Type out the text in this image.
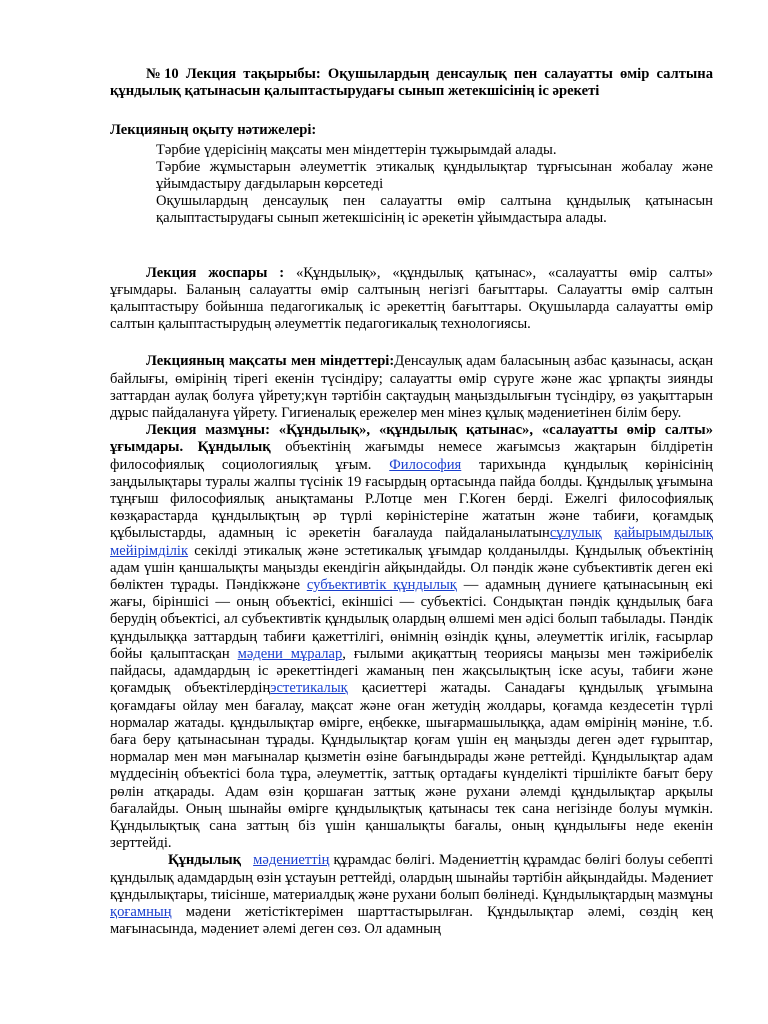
№10 Лекция тақырыбы: Оқушылардың денсаулық пен салауатты өмір салтына құндылық қатынасын қалыптастырудағы сынып жетекшісінің іс әрекеті

Лекцияның оқыту нәтижелері:
Тәрбие үдерісінің мақсаты мен міндеттерін тұжырымдай алады.
Тәрбие жұмыстарын әлеуметтік этикалық құндылықтар тұрғысынан жобалау және ұйымдастыру дағдыларын көрсетеді
Оқушылардың денсаулық пен салауатты өмір салтына құндылық қатынасын қалыптастырудағы сынып жетекшісінің іс әрекетін ұйымдастыра алады.

Лекция жоспары : «Құндылық», «құндылық қатынас», «салауатты өмір салты» ұғымдары. Баланың салауатты өмір салтының негізгі бағыттары. Салауатты өмір салтын қалыптастыру бойынша педагогикалық іс әрекеттің бағыттары. Оқушыларда салауатты өмір салтын қалыптастырудың әлеуметтік педагогикалық технологиясы.

Лекцияның мақсаты мен міндеттері:Денсаулық адам баласының азбас қазынасы, асқан байлығы, өмірінің тірегі екенін түсіндіру; салауатты өмір сүруге және жас ұрпақты зиянды заттардан аулақ болуға үйрету;күн тәртібін сақтаудың маңыздылығын түсіндіру, өз уақыттарын дұрыс пайдалануға үйрету. Гигиеналық ережелер мен мінез құлық мәдениетінен білім беру.

Лекция мазмұны: «Құндылық», «құндылық қатынас», «салауатты өмір салты» ұғымдары. Құндылық объектінің жағымды немесе жағымсыз жақтарын білдіретін философиялық социологиялық ұғым. Философия тарихында құндылық көрінісінің заңдылықтары туралы жалпы түсінік 19 ғасырдың ортасында пайда болды. Құндылық ұғымына тұңғыш философиялық анықтаманы Р.Лотце мен Г.Коген берді. Ежелгі философиялық көзқарастарда құндылықтың әр түрлі көріністеріне жататын және табиғи, қоғамдық құбылыстарды, адамның іс әрекетін бағалауда пайдаланылатынсұлулық қайырымдылық мейірімділік секілді этикалық және эстетикалық ұғымдар қолданылды. Құндылық объектінің адам үшін қаншалықты маңызды екендігін айқындайды. Ол пәндік және субъективтік деген екі бөліктен тұрады. Пәндікжәне субъективтік құндылық — адамның дүниеге қатынасының екі жағы, біріншісі — оның объектісі, екіншісі — субъектісі. Сондықтан пәндік құндылық баға берудің объектісі, ал субъективтік құндылық олардың өлшемі мен әдісі болып табылады. Пәндік құндылыққа заттардың табиғи қажеттілігі, өнімнің өзіндік құны, әлеуметтік игілік, ғасырлар бойы қалыптасқан мәдени мұралар, ғылыми ақиқаттың теориясы маңызы мен тәжірибелік пайдасы, адамдардың іс әрекеттіндегі жаманың пен жақсылықтың іске асуы, табиғи және қоғамдық объектілердіңэстетикалық қасиеттері жатады. Санадағы құндылық ұғымына қоғамдағы ойлау мен бағалау, мақсат және оған жетудің жолдары, қоғамда кездесетін түрлі нормалар жатады. құндылықтар өмірге, еңбекке, шығармашылыққа, адам өмірінің мәніне, т.б. баға беру қатынасынан тұрады. Құндылықтар қоғам үшін ең маңызды деген әдет ғұрыптар, нормалар мен мән мағыналар қызметін өзіне бағындырады және реттейді. Құндылықтар адам мүддесінің объектісі бола тұра, әлеуметтік, заттық ортадағы күнделікті тіршілікте бағыт беру рөлін атқарады. Адам өзін қоршаған заттық және рухани әлемді құндылықтар арқылы бағалайды. Оның шынайы өмірге құндылықтық қатынасы тек сана негізінде болуы мүмкін. Құндылықтық сана заттың біз үшін қаншалықты бағалы, оның құндылығы неде екенін зерттейді.

Құндылық мәдениеттің құрамдас бөлігі. Мәдениеттің құрамдас бөлігі болуы себепті құндылық адамдардың өзін ұстауын реттейді, олардың шынайы тәртібін айқындайды. Мәдениет құндылықтары, тиісінше, материалдық және рухани болып бөлінеді. Құндылықтардың мазмұны қоғамның мәдени жетістіктерімен шарттастырылған. Құндылықтар әлемі, сөздің кең мағынасында, мәдениет әлемі деген сөз. Ол адамның
